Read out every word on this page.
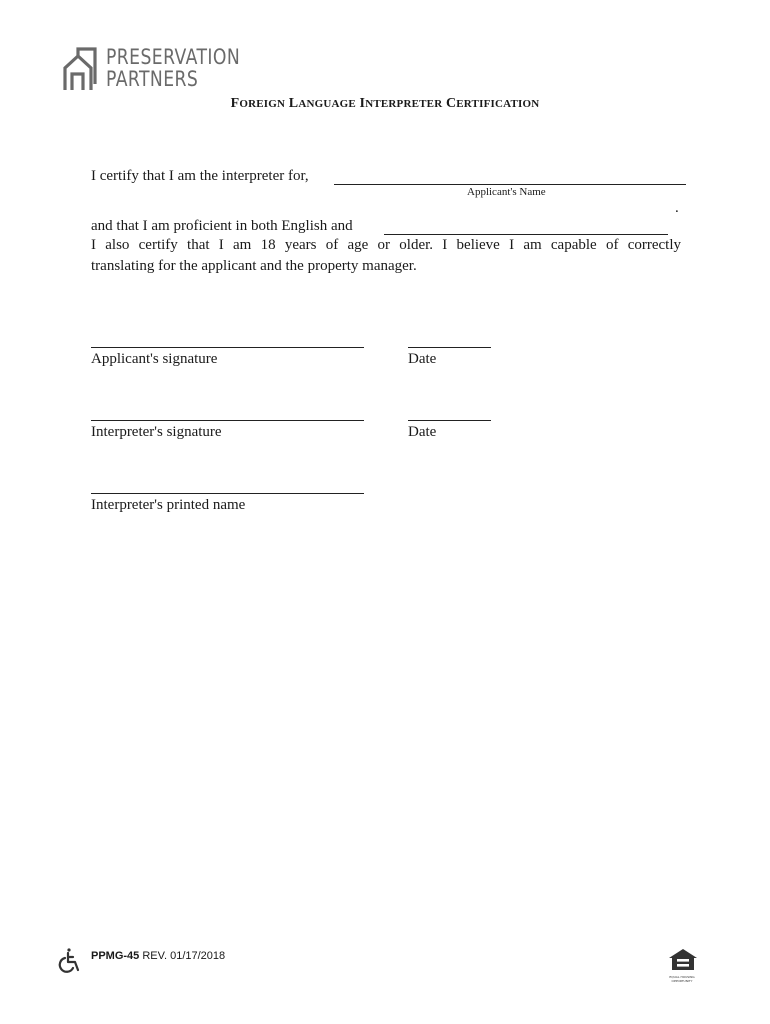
PRESERVATION
PARTNERS
FOREIGN LANGUAGE INTERPRETER CERTIFICATION
I certify that I am the interpreter for,
Applicant's Name
.
and that I am proficient in both English and
I also certify that I am 18 years of age or older. I believe I am capable of correctly
translating for the applicant and the property manager.
Applicant's signature	Date
Interpreter's signature	Date
Interpreter's printed name
PPMG-45 REV. 01/17/2018
EQUAL HOUSING OPPORTUNITY
